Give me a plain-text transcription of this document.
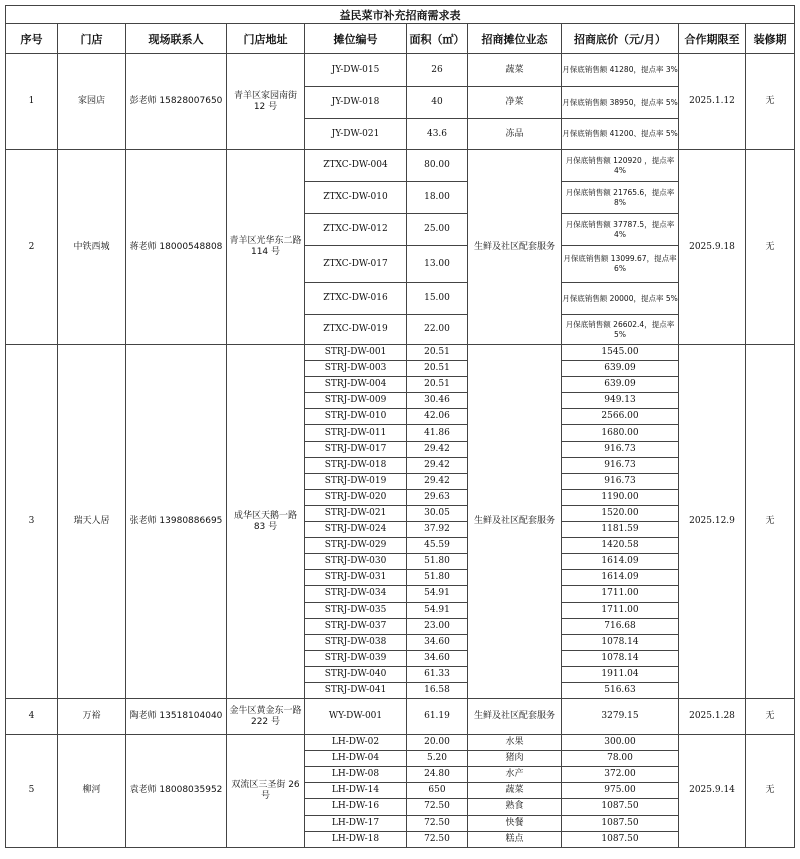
益民菜市补充招商需求表									
序号	门店	现场联系人	门店地址	摊位编号	面积（㎡）	招商摊位业态	招商底价（元/月）	合作期限至	装修期
1	家园店	彭老师 15828007650	青羊区家园南街 12 号	JY-DW-015	26	蔬菜	月保底销售额 41280，提点率 3%	2025.1.12	无
				JY-DW-018	40	净菜	月保底销售额 38950，提点率 5%		
				JY-DW-021	43.6	冻品	月保底销售额 41200、提点率 5%		
2	中铁西城	蒋老师 18000548808	青羊区光华东二路 114 号	ZTXC-DW-004	80.00	生鲜及社区配套服务	月保底销售额 120920 ，提点率 4%	2025.9.18	无
				ZTXC-DW-010	18.00		月保底销售额 21765.6，提点率 8%		
				ZTXC-DW-012	25.00		月保底销售额 37787.5，提点率 4%		
				ZTXC-DW-017	13.00		月保底销售额 13099.67，提点率 6%		
				ZTXC-DW-016	15.00		月保底销售额 20000，提点率 5%		
				ZTXC-DW-019	22.00		月保底销售额 26602.4，提点率 5%		
3	瑞天人居	张老师 13980886695	成华区天鹅一路 83 号	STRJ-DW-001	20.51	生鲜及社区配套服务	1545.00	2025.12.9	无
				STRJ-DW-003	20.51		639.09		
				STRJ-DW-004	20.51		639.09		
				STRJ-DW-009	30.46		949.13		
				STRJ-DW-010	42.06		2566.00		
				STRJ-DW-011	41.86		1680.00		
				STRJ-DW-017	29.42		916.73		
				STRJ-DW-018	29.42		916.73		
				STRJ-DW-019	29.42		916.73		
				STRJ-DW-020	29.63		1190.00		
				STRJ-DW-021	30.05		1520.00		
				STRJ-DW-024	37.92		1181.59		
				STRJ-DW-029	45.59		1420.58		
				STRJ-DW-030	51.80		1614.09		
				STRJ-DW-031	51.80		1614.09		
				STRJ-DW-034	54.91		1711.00		
				STRJ-DW-035	54.91		1711.00		
				STRJ-DW-037	23.00		716.68		
				STRJ-DW-038	34.60		1078.14		
				STRJ-DW-039	34.60		1078.14		
				STRJ-DW-040	61.33		1911.04		
				STRJ-DW-041	16.58		516.63		
4	万裕	陶老师 13518104040	金牛区黄金东一路 222 号	WY-DW-001	61.19	生鲜及社区配套服务	3279.15	2025.1.28	无
5	柳河	袁老师 18008035952	双流区三圣街 26 号	LH-DW-02	20.00	水果	300.00	2025.9.14	无
				LH-DW-04	5.20	猪肉	78.00		
				LH-DW-08	24.80	水产	372.00		
				LH-DW-14	650	蔬菜	975.00		
				LH-DW-16	72.50	熟食	1087.50		
				LH-DW-17	72.50	快餐	1087.50		
				LH-DW-18	72.50	糕点	1087.50		
